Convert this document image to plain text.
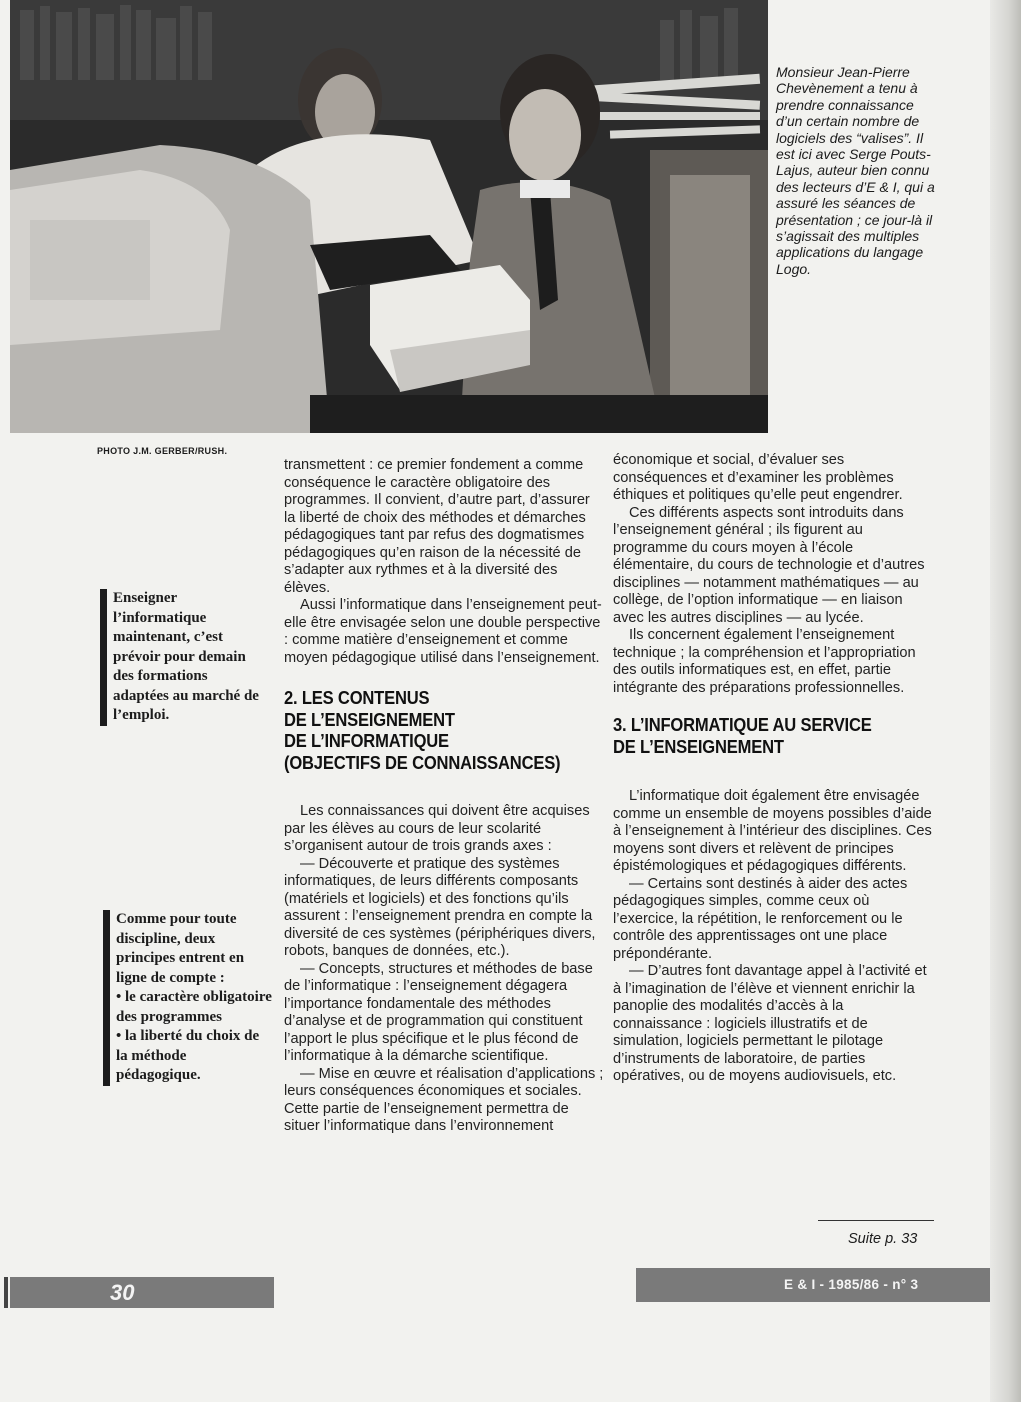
PHOTO J.M. GERBER/RUSH.
Monsieur Jean-Pierre Chevènement a tenu à prendre connaissance d’un certain nombre de logiciels des “valises”. Il est ici avec Serge Pouts-Lajus, auteur bien connu des lecteurs d’E & I, qui a assuré les séances de présentation ; ce jour-là il s’agissait des multiples applications du langage Logo.
Enseigner l’informatique maintenant, c’est prévoir pour demain des formations adaptées au marché de l’emploi.
Comme pour toute discipline, deux principes entrent en ligne de compte :
• le caractère obligatoire des programmes
• la liberté du choix de la méthode pédagogique.

transmettent : ce premier fondement a comme conséquence le caractère obligatoire des programmes. Il convient, d’autre part, d’assurer la liberté de choix des méthodes et démarches pédagogiques tant par refus des dogmatismes pédagogiques qu’en raison de la nécessité de s’adapter aux rythmes et à la diversité des élèves.

Aussi l’informatique dans l’enseignement peut-elle être envisagée selon une double perspective : comme matière d’enseignement et comme moyen pédagogique utilisé dans l’enseignement.

2. LES CONTENUS
DE L’ENSEIGNEMENT
DE L’INFORMATIQUE
(OBJECTIFS DE CONNAISSANCES)

Les connaissances qui doivent être acquises par les élèves au cours de leur scolarité s’organisent autour de trois grands axes :

— Découverte et pratique des systèmes informatiques, de leurs différents composants (matériels et logiciels) et des fonctions qu’ils assurent : l’enseignement prendra en compte la diversité de ces systèmes (périphériques divers, robots, banques de données, etc.).

— Concepts, structures et méthodes de base de l’informatique : l’enseignement dégagera l’importance fondamentale des méthodes d’analyse et de programmation qui constituent l’apport le plus spécifique et le plus fécond de l’informatique à la démarche scientifique.

— Mise en œuvre et réalisation d’applications ; leurs conséquences économiques et sociales. Cette partie de l’enseignement permettra de situer l’informatique dans l’environnement

économique et social, d’évaluer ses conséquences et d’examiner les problèmes éthiques et politiques qu’elle peut engendrer.

Ces différents aspects sont introduits dans l’enseignement général ; ils figurent au programme du cours moyen à l’école élémentaire, du cours de technologie et d’autres disciplines — notamment mathématiques — au collège, de l’option informatique — en liaison avec les autres disciplines — au lycée.

Ils concernent également l’enseignement technique ; la compréhension et l’appropriation des outils informatiques est, en effet, partie intégrante des préparations professionnelles.

3. L’INFORMATIQUE AU SERVICE
DE L’ENSEIGNEMENT

L’informatique doit également être envisagée comme un ensemble de moyens possibles d’aide à l’enseignement à l’intérieur des disciplines. Ces moyens sont divers et relèvent de principes épistémologiques et pédagogiques différents.

— Certains sont destinés à aider des actes pédagogiques simples, comme ceux où l’exercice, la répétition, le renforcement ou le contrôle des apprentissages ont une place prépondérante.

— D’autres font davantage appel à l’activité et à l’imagination de l’élève et viennent enrichir la panoplie des modalités d’accès à la connaissance : logiciels illustratifs et de simulation, logiciels permettant le pilotage d’instruments de laboratoire, de parties opératives, ou de moyens audiovisuels, etc.

Suite p. 33
30	E & I - 1985/86 - n° 3
